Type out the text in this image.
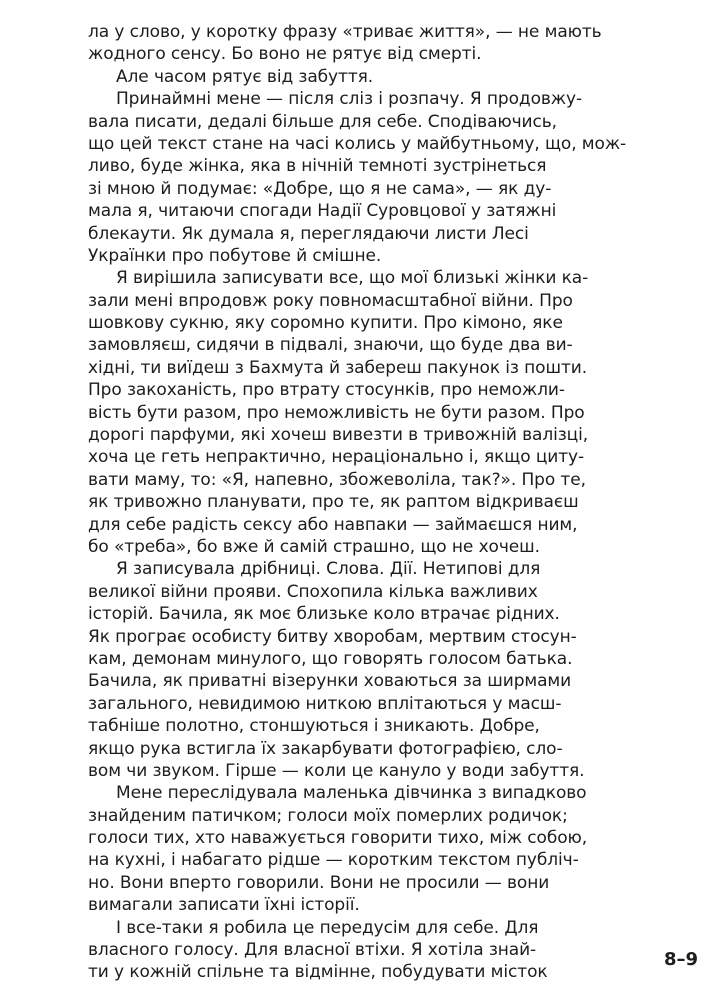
ла у слово, у коротку фразу «триває життя», — не мають
жодного сенсу. Бо воно не рятує від смерті.
Але часом рятує від забуття.
Принаймні мене — після сліз і розпачу. Я продовжу-
вала писати, дедалі більше для себе. Сподіваючись,
що цей текст стане на часі колись у майбутньому, що, мож-
ливо, буде жінка, яка в нічній темноті зустрінеться
зі мною й подумає: «Добре, що я не сама», — як ду-
мала я, читаючи спогади Надії Суровцової у затяжні
блекаути. Як думала я, переглядаючи листи Лесі
Українки про побутове й смішне.
Я вирішила записувати все, що мої близькі жінки ка-
зали мені впродовж року повномасштабної війни. Про
шовкову сукню, яку соромно купити. Про кімоно, яке
замовляєш, сидячи в підвалі, знаючи, що буде два ви-
хідні, ти виїдеш з Бахмута й забереш пакунок із пошти.
Про закоханість, про втрату стосунків, про неможли-
вість бути разом, про неможливість не бути разом. Про
дорогі парфуми, які хочеш вивезти в тривожній валізці,
хоча це геть непрактично, нераціонально і, якщо циту-
вати маму, то: «Я, напевно, збожеволіла, так?». Про те,
як тривожно планувати, про те, як раптом відкриваєш
для себе радість сексу або навпаки — займаєшся ним,
бо «треба», бо вже й самій страшно, що не хочеш.
Я записувала дрібниці. Слова. Дії. Нетипові для
великої війни прояви. Спохопила кілька важливих
історій. Бачила, як моє близьке коло втрачає рідних.
Як програє особисту битву хворобам, мертвим стосун-
кам, демонам минулого, що говорять голосом батька.
Бачила, як приватні візерунки ховаються за ширмами
загального, невидимою ниткою вплітаються у масш-
табніше полотно, стоншуються і зникають. Добре,
якщо рука встигла їх закарбувати фотографією, сло-
вом чи звуком. Гірше — коли це кануло у води забуття.
Мене переслідувала маленька дівчинка з випадково
знайденим патичком; голоси моїх померлих родичок;
голоси тих, хто наважується говорити тихо, між собою,
на кухні, і набагато рідше — коротким текстом публіч-
но. Вони вперто говорили. Вони не просили — вони
вимагали записати їхні історії.
І все-таки я робила це передусім для себе. Для
власного голосу. Для власної втіхи. Я хотіла знай-
ти у кожній спільне та відмінне, побудувати місток
8–9
